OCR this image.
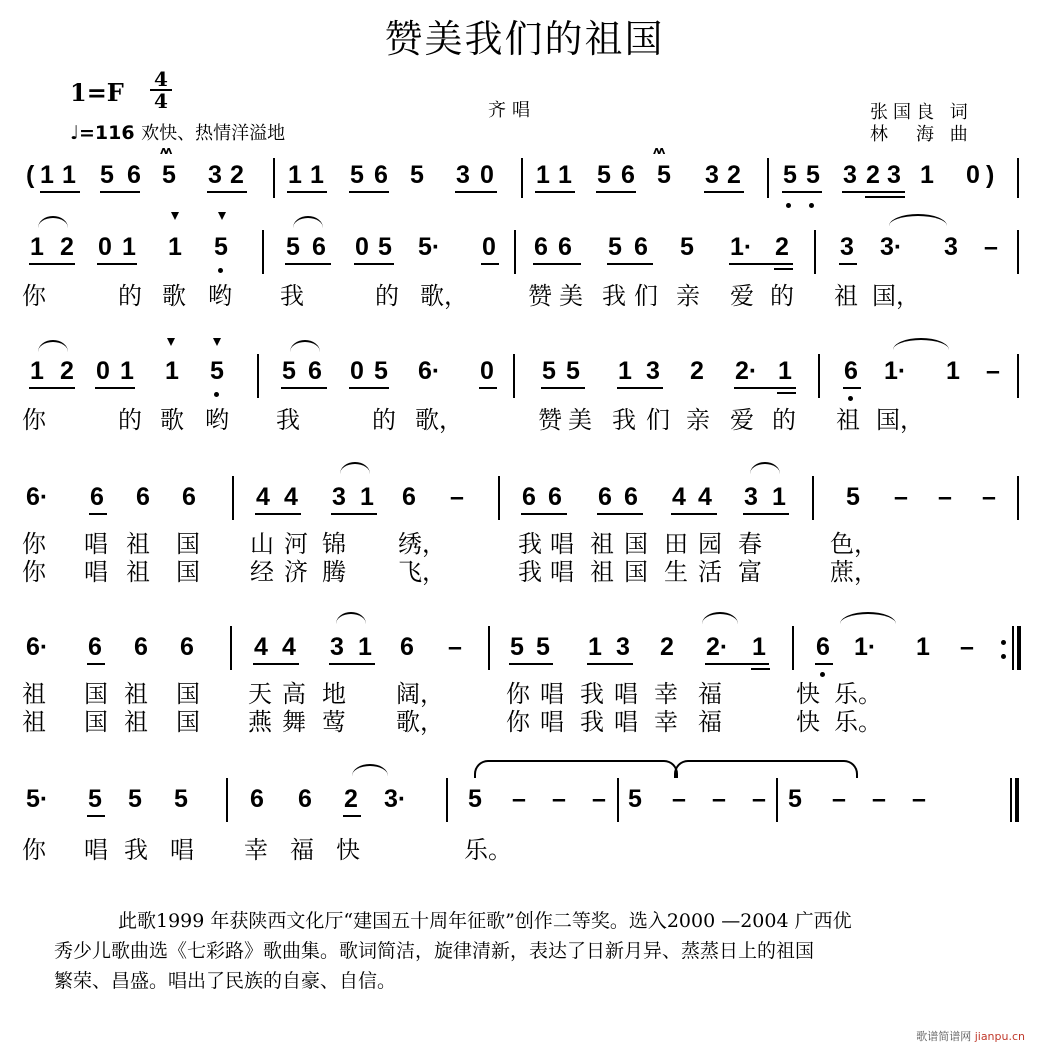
赞美我们的祖国
1=F 4
4
♩=116 欢快、热情洋溢地
齐唱	张国良 词
林　海 曲
ʌʌ	ʌʌ
( 1 1 5 6 5 3 2 1 1 5 6 5 3 0 1 1 5 6 5 3 2 5 5 3 2 3 1 0 )
1 2 0 1 1 5 5 6 0 5 5· 0 6 6 5 6 5 1· 2 3 3· 3 –
你	的 歌 哟 我	的 歌，	赞 美 我 们 亲 爱 的 祖 国，
1 2 0 1 1 5 5 6 0 5 6· 0 5 5 1 3 2 2· 1 6 1· 1 –
你	的 歌 哟 我	的 歌，	赞 美 我 们 亲 爱 的 祖 国，
6· 6 6 6 4 4 3 1 6 – 6 6 6 6 4 4 3 1 5 – – –
你 唱 祖 国 山 河 锦 绣，	我 唱 祖 国 田 园 春	色，
你 唱 祖 国 经 济 腾 飞，	我 唱 祖 国 生 活 富	蔗，
6· 6 6 6 4 4 3 1 6 – 5 5 1 3 2 2· 1 6 1· 1 –
祖 国 祖 国 天 高 地 阔，	你 唱 我 唱 幸 福	快 乐。
祖 国 祖 国 燕 舞 莺 歌，	你 唱 我 唱 幸 福	快 乐。
5· 5 5 5 6 6 2 3· 5 – – – 5 – – – 5 – – –
你 唱 我 唱 幸 福 快	乐。
此歌1999 年获陕西文化厅“建国五十周年征歌”创作二等奖。选入2000 —2004 广西优
秀少儿歌曲选《七彩路》歌曲集。歌词简洁，旋律清新，表达了日新月异、蒸蒸日上的祖国
繁荣、昌盛。唱出了民族的自豪、自信。
歌谱简谱网 jianpu.cn
